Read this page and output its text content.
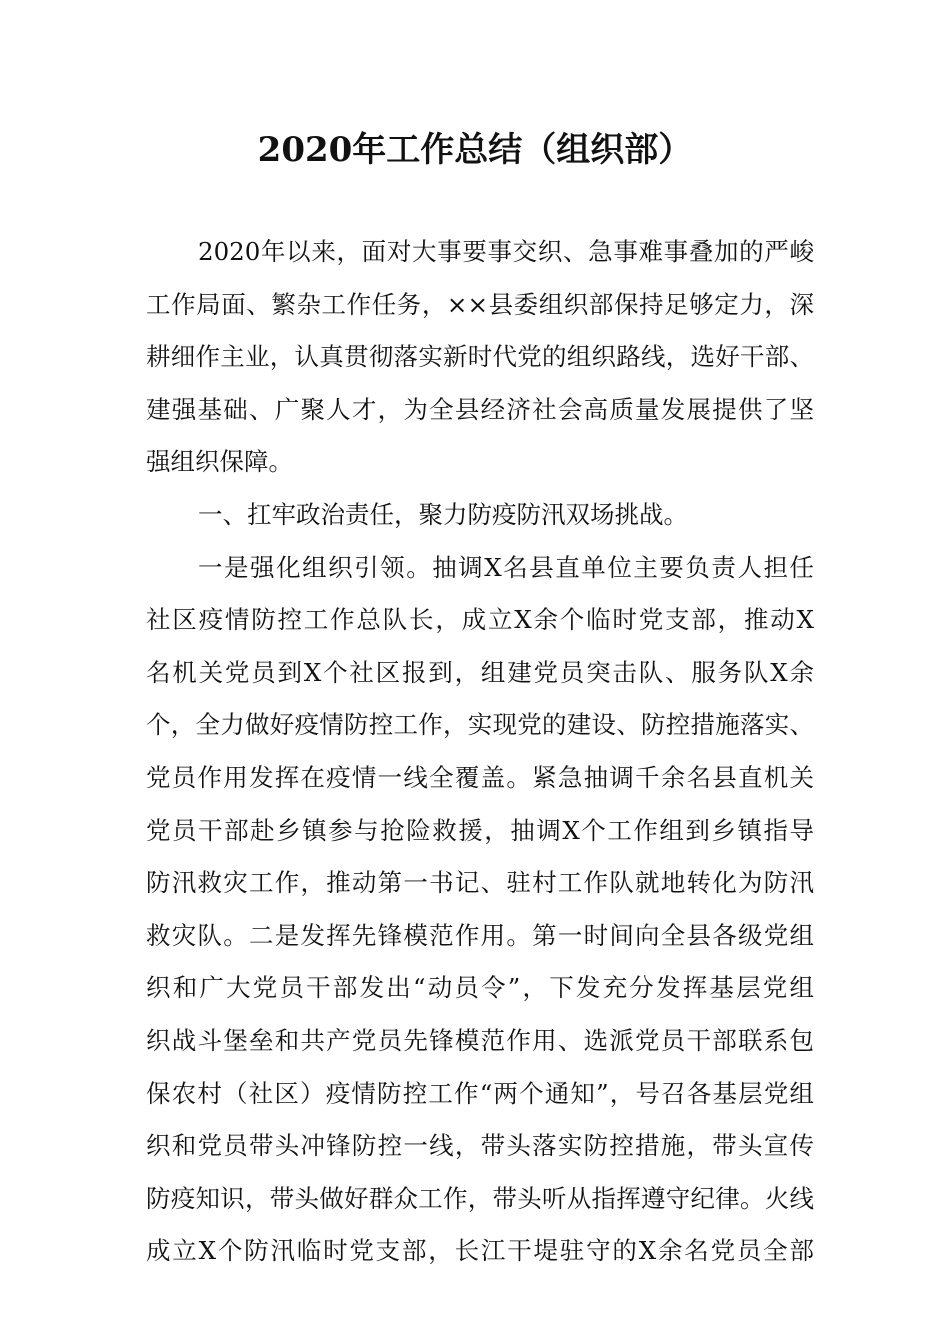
2020年工作总结（组织部）
2020年以来，面对大事要事交织、急事难事叠加的严峻
工作局面、繁杂工作任务，××县委组织部保持足够定力，深
耕细作主业，认真贯彻落实新时代党的组织路线，选好干部、
建强基础、广聚人才，为全县经济社会高质量发展提供了坚
强组织保障。
一、扛牢政治责任，聚力防疫防汛双场挑战。
一是强化组织引领。抽调X名县直单位主要负责人担任
社区疫情防控工作总队长，成立X余个临时党支部，推动X
名机关党员到X个社区报到，组建党员突击队、服务队X余
个，全力做好疫情防控工作，实现党的建设、防控措施落实、
党员作用发挥在疫情一线全覆盖。紧急抽调千余名县直机关
党员干部赴乡镇参与抢险救援，抽调X个工作组到乡镇指导
防汛救灾工作，推动第一书记、驻村工作队就地转化为防汛
救灾队。二是发挥先锋模范作用。第一时间向全县各级党组
织和广大党员干部发出“动员令”，下发充分发挥基层党组
织战斗堡垒和共产党员先锋模范作用、选派党员干部联系包
保农村（社区）疫情防控工作“两个通知”，号召各基层党组
织和党员带头冲锋防控一线，带头落实防控措施，带头宣传
防疫知识，带头做好群众工作，带头听从指挥遵守纪律。火线
成立X个防汛临时党支部，长江干堤驻守的X余名党员全部
